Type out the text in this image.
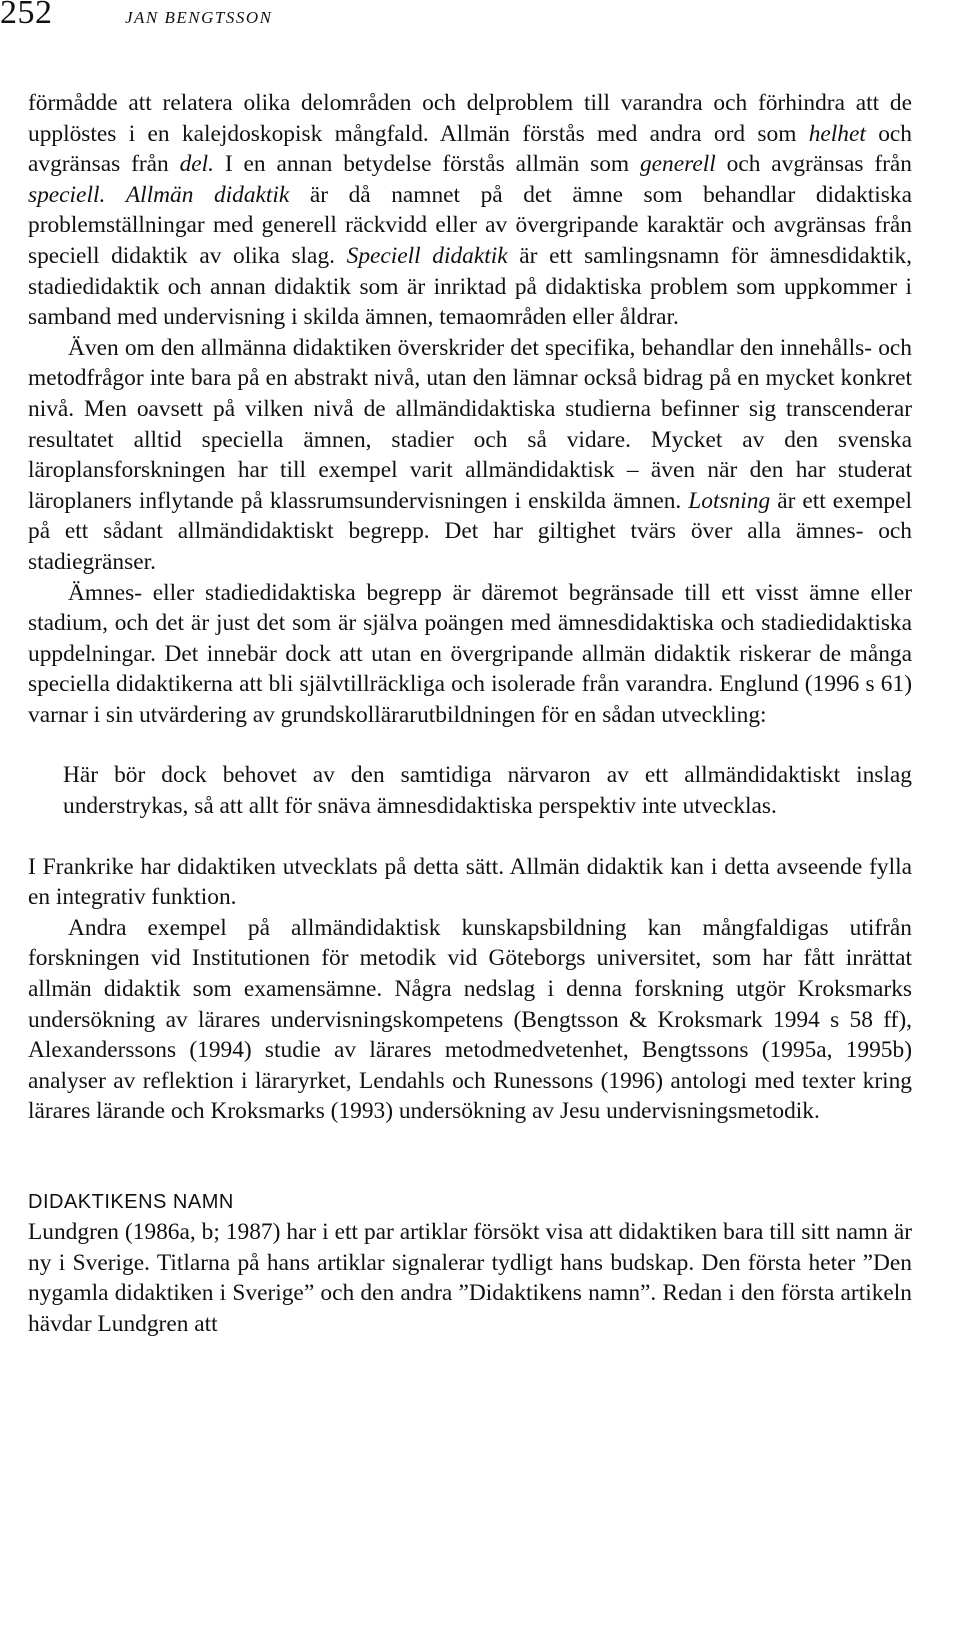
252	JAN BENGTSSON

förmådde att relatera olika delområden och delproblem till varandra och förhindra att de upplöstes i en kalejdoskopisk mångfald. Allmän förstås med andra ord som helhet och avgränsas från del. I en annan betydelse förstås allmän som generell och avgränsas från speciell. Allmän didaktik är då namnet på det ämne som behandlar didaktiska problemställningar med generell räckvidd eller av övergripande karaktär och avgränsas från speciell didaktik av olika slag. Speciell didaktik är ett samlingsnamn för ämnesdidaktik, stadiedidaktik och annan didaktik som är inriktad på didaktiska problem som uppkommer i samband med undervisning i skilda ämnen, temaområden eller åldrar.

Även om den allmänna didaktiken överskrider det specifika, behandlar den innehålls- och metodfrågor inte bara på en abstrakt nivå, utan den lämnar också bidrag på en mycket konkret nivå. Men oavsett på vilken nivå de allmändidaktiska studierna befinner sig transcenderar resultatet alltid speciella ämnen, stadier och så vidare. Mycket av den svenska läroplansforskningen har till exempel varit allmändidaktisk – även när den har studerat läroplaners inflytande på klassrumsundervisningen i enskilda ämnen. Lotsning är ett exempel på ett sådant allmändidaktiskt begrepp. Det har giltighet tvärs över alla ämnes- och stadiegränser.

Ämnes- eller stadiedidaktiska begrepp är däremot begränsade till ett visst ämne eller stadium, och det är just det som är själva poängen med ämnesdidaktiska och stadiedidaktiska uppdelningar. Det innebär dock att utan en övergripande allmän didaktik riskerar de många speciella didaktikerna att bli självtillräckliga och isolerade från varandra. Englund (1996 s 61) varnar i sin utvärdering av grundskollärarutbildningen för en sådan utveckling:

Här bör dock behovet av den samtidiga närvaron av ett allmändidaktiskt inslag understrykas, så att allt för snäva ämnesdidaktiska perspektiv inte utvecklas.

I Frankrike har didaktiken utvecklats på detta sätt. Allmän didaktik kan i detta avseende fylla en integrativ funktion.

Andra exempel på allmändidaktisk kunskapsbildning kan mångfaldigas utifrån forskningen vid Institutionen för metodik vid Göteborgs universitet, som har fått inrättat allmän didaktik som examensämne. Några nedslag i denna forskning utgör Kroksmarks undersökning av lärares undervisningskompetens (Bengtsson & Kroksmark 1994 s 58 ff), Alexanderssons (1994) studie av lärares metodmedvetenhet, Bengtssons (1995a, 1995b) analyser av reflektion i läraryrket, Lendahls och Runessons (1996) antologi med texter kring lärares lärande och Kroksmarks (1993) undersökning av Jesu undervisningsmetodik.

DIDAKTIKENS NAMN

Lundgren (1986a, b; 1987) har i ett par artiklar försökt visa att didaktiken bara till sitt namn är ny i Sverige. Titlarna på hans artiklar signalerar tydligt hans budskap. Den första heter ”Den nygamla didaktiken i Sverige” och den andra ”Didaktikens namn”. Redan i den första artikeln hävdar Lundgren att
